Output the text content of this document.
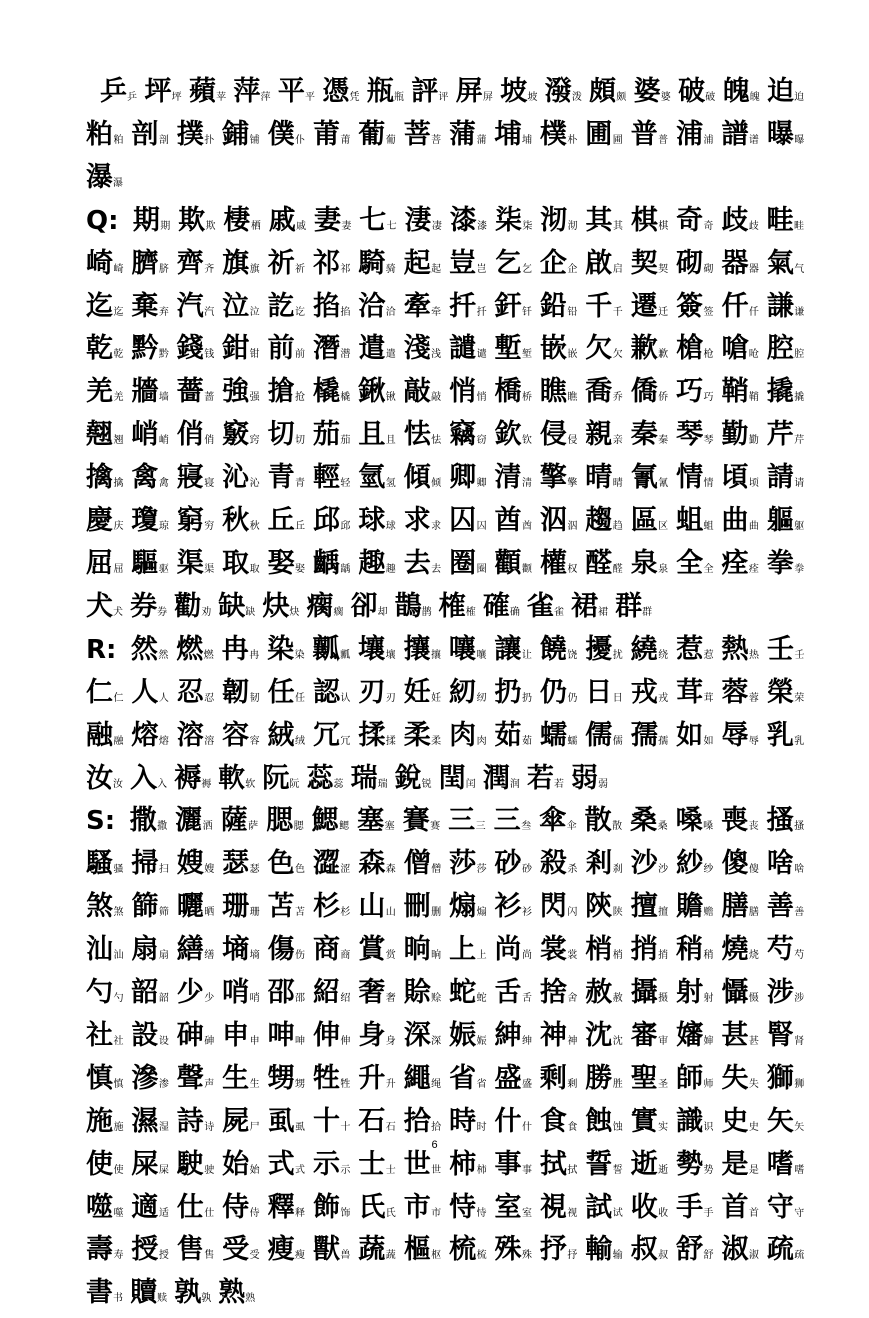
乒乒 坪坪 蘋苹 萍萍 平平 憑凭 瓶瓶 評评 屏屏 坡坡 潑泼 頗颇 婆婆 破破 魄魄 迫迫 粕粕 剖剖 撲扑 鋪铺 僕仆 莆莆 葡葡 菩菩 蒲蒲 埔埔 樸朴 圃圃 普普 浦浦 譜谱 曝曝 瀑瀑
Q: 期期 欺欺 棲栖 戚戚 妻妻 七七 淒凄 漆漆 柒柒 沏沏 其其 棋棋 奇奇 歧歧 畦畦 崎崎 臍脐 齊齐 旗旗 祈祈 祁祁 騎骑 起起 豈岂 乞乞 企企 啟启 契契 砌砌 器器 氣气 迄迄 棄弃 汽汽 泣泣 訖讫 掐掐 洽洽 牽牵 扦扦 釬钎 鉛铅 千千 遷迁 簽签 仟仟 謙谦 乾乾 黔黔 錢钱 鉗钳 前前 潛潜 遣遣 淺浅 譴谴 塹堑 嵌嵌 欠欠 歉歉 槍枪 嗆呛 腔腔 羌羌 牆墙 薔蔷 強强 搶抢 橇橇 鍬锹 敲敲 悄悄 橋桥 瞧瞧 喬乔 僑侨 巧巧 鞘鞘 撬撬 翹翘 峭峭 俏俏 竅窍 切切 茄茄 且且 怯怯 竊窃 欽钦 侵侵 親亲 秦秦 琴琴 勤勤 芹芹 擒擒 禽禽 寢寝 沁沁 青青 輕轻 氫氢 傾倾 卿卿 清清 擎擎 晴晴 氰氰 情情 頃顷 請请 慶庆 瓊琼 窮穷 秋秋 丘丘 邱邱 球球 求求 囚囚 酋酋 泅泅 趨趋 區区 蛆蛆 曲曲 軀躯 屈屈 驅驱 渠渠 取取 娶娶 齲龋 趣趣 去去 圈圈 顴颧 權权 醛醛 泉泉 全全 痊痊 拳拳 犬犬 券券 勸劝 缺缺 炔炔 瘸瘸 卻却 鵲鹊 榷榷 確确 雀雀 裙裙 群群
R: 然然 燃燃 冉冉 染染 瓤瓤 壤壤 攘攘 嚷嚷 讓让 饒饶 擾扰 繞绕 惹惹 熱热 壬壬 仁仁 人人 忍忍 韌韧 任任 認认 刃刃 妊妊 紉纫 扔扔 仍仍 日日 戎戎 茸茸 蓉蓉 榮荣 融融 熔熔 溶溶 容容 絨绒 冗冗 揉揉 柔柔 肉肉 茹茹 蠕蠕 儒儒 孺孺 如如 辱辱 乳乳 汝汝 入入 褥褥 軟软 阮阮 蕊蕊 瑞瑞 銳锐 閏闰 潤润 若若 弱弱
S: 撒撒 灑洒 薩萨 腮腮 鰓鳃 塞塞 賽赛 三三 三叁 傘伞 散散 桑桑 嗓嗓 喪丧 搔搔 騷骚 掃扫 嫂嫂 瑟瑟 色色 澀涩 森森 僧僧 莎莎 砂砂 殺杀 剎刹 沙沙 紗纱 傻傻 啥啥 煞煞 篩筛 曬晒 珊珊 苫苫 杉杉 山山 刪删 煽煽 衫衫 閃闪 陝陕 擅擅 贍赡 膳膳 善善 汕汕 扇扇 繕缮 墒墒 傷伤 商商 賞赏 晌晌 上上 尚尚 裳裳 梢梢 捎捎 稍稍 燒烧 芍芍 勺勺 韶韶 少少 哨哨 邵邵 紹绍 奢奢 賒赊 蛇蛇 舌舌 捨舍 赦赦 攝摄 射射 懾慑 涉涉 社社 設设 砷砷 申申 呻呻 伸伸 身身 深深 娠娠 紳绅 神神 沈沈 審审 嬸婶 甚甚 腎肾 慎慎 滲渗 聲声 生生 甥甥 牲牲 升升 繩绳 省省 盛盛 剩剩 勝胜 聖圣 師师 失失 獅狮 施施 濕湿 詩诗 屍尸 虱虱 十十 石石 拾拾 時时 什什 食食 蝕蚀 實实 識识 史史 矢矢 使使 屎屎 駛驶 始始 式式 示示 士士 世世 柿柿 事事 拭拭 誓誓 逝逝 勢势 是是 嗜嗜 噬噬 適适 仕仕 侍侍 釋释 飾饰 氏氏 市市 恃恃 室室 視视 試试 收收 手手 首首 守守 壽寿 授授 售售 受受 瘦瘦 獸兽 蔬蔬 樞枢 梳梳 殊殊 抒抒 輸输 叔叔 舒舒 淑淑 疏疏 書书 贖赎 孰孰 熟熟
6
